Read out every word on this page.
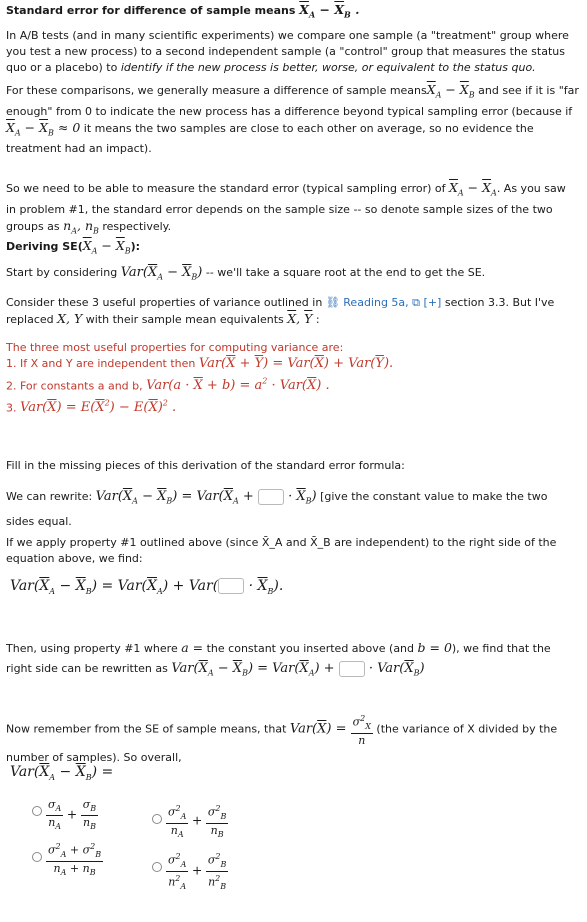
Standard error for difference of sample means $\overline{X}_A - \overline{X}_B$ .
In A/B tests (and in many scientific experiments) we compare one sample (a "treatment" group where you test a new process) to a second independent sample (a "control" group that measures the status quo or a placebo) to identify if the new process is better, worse, or equivalent to the status quo.
For these comparisons, we generally measure a difference of sample $means\overline{X}_A - \overline{X}_B$ and see if it is "far enough" from 0 to indicate the new process has a difference beyond typical sampling error (because if $\overline{X}_A - \overline{X}_B \approx 0$ it means the two samples are close to each other on average, so no evidence the treatment had an impact).
So we need to be able to measure the standard error (typical sampling error) of $\overline{X}_A - \overline{X}_A$. As you saw in problem #1, the standard error depends on the sample size -- so denote sample sizes of the two groups as $n_A$, $n_B$ respectively.
Deriving $SE(\overline{X}_A - \overline{X}_B)$:
Start by considering $Var(\overline{X}_A - \overline{X}_B) -- we'll$ take a square root at the end to get the SE.
Consider these 3 useful properties of variance outlined in ⛓ Reading 5a, ⧉ [+] section 3.3. But I've replaced X, Y with their sample mean equivalents $\overline{X}$, $\overline{Y}$ :
The three most useful properties for computing variance are:
1. If X and Y are independent then $Var(\overline{X} + \overline{Y}) = Var(\overline{X}) + Var(\overline{Y})$.
2. For constants a and b, $Var(a \cdot \overline{X} + b) = a^2 \cdot Var(\overline{X})$ .
3. $Var(\overline{X}) = E(\overline{X}^2) - E(\overline{X})^2$ .
Fill in the missing pieces of this derivation of the standard error formula:
We can rewrite: $Var(\overline{X}_A - \overline{X}_B) = Var(\overline{X}_A$ +  · $\overline{X}_B$) [give the constant value to make the two sides equal.
If we apply property #1 outlined above (since X̄_A and X̄_B are independent) to the right side of the equation above, we find:
$Var(\overline{X}_A - \overline{X}_B) = Var(\overline{X}_A) + Var( \cdot \overline{X}_B)$.
Then, using property #1 where a = the constant you inserted above (and b = 0), we find that the right side can be rewritten as $Var(\overline{X}_A - \overline{X}_B) = Var(\overline{X}_A)$ +  · $Var(\overline{X}_B)$
Now remember from the SE of sample means, that $Var(\overline{X}) = \frac{\sigma^2_X}{n} (the$ variance of X divided by the number of samples). So overall,
$Var(\overline{X}_A - \overline{X}_B)$ =
$\frac{\sigma_A}{n_A} + \frac{\sigma_B}{n_B}$	$\frac{\sigma^2_A}{n_A} + \frac{\sigma^2_B}{n_B}$
$\frac{\sigma^2_A + \sigma^2_B}{n_A + n_B}$	$\frac{\sigma^2_A}{n^2_A} + \frac{\sigma^2_B}{n^2_B}$
